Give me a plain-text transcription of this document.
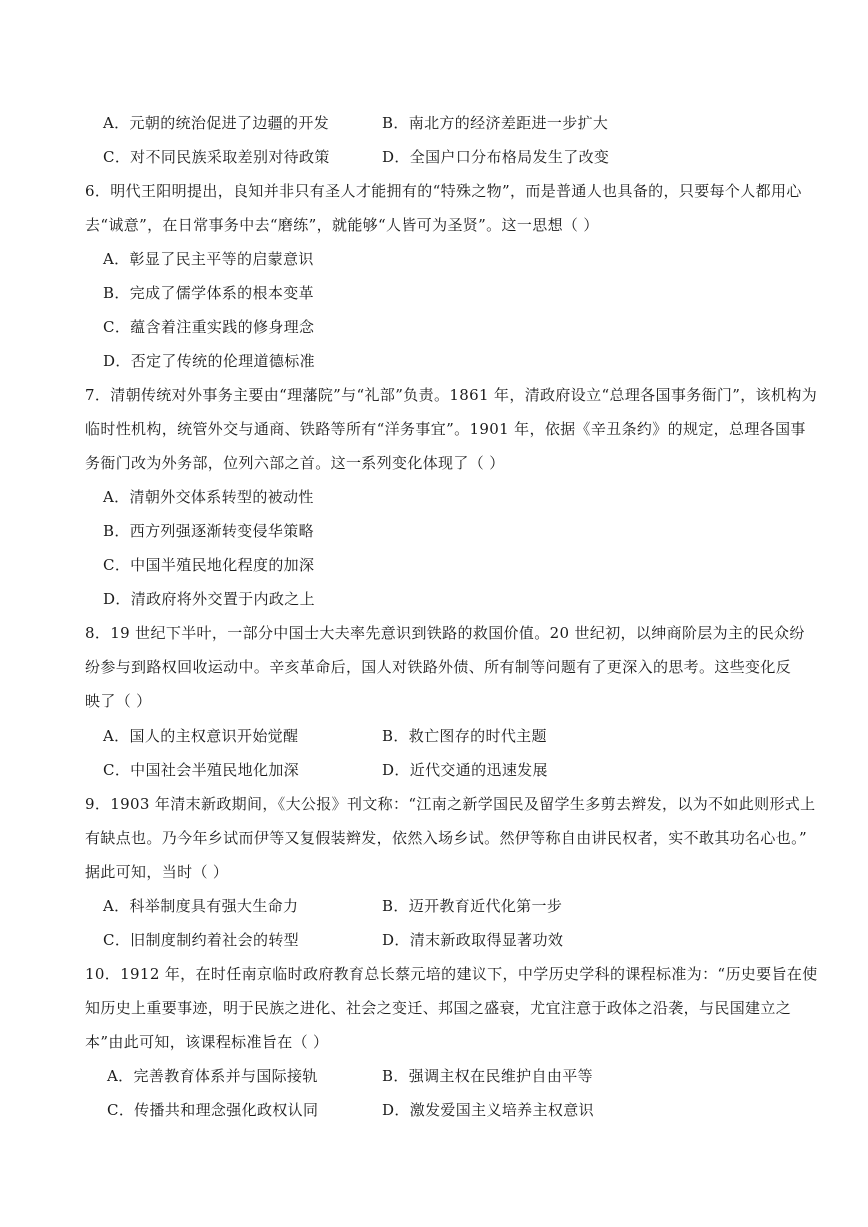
A．元朝的统治促进了边疆的开发	B．南北方的经济差距进一步扩大
C．对不同民族采取差别对待政策	D．全国户口分布格局发生了改变
6．明代王阳明提出，良知并非只有圣人才能拥有的“特殊之物”，而是普通人也具备的，只要每个人都用心
去“诚意”，在日常事务中去“磨练”，就能够“人皆可为圣贤”。这一思想（ ）
A．彰显了民主平等的启蒙意识
B．完成了儒学体系的根本变革
C．蕴含着注重实践的修身理念
D．否定了传统的伦理道德标准
7．清朝传统对外事务主要由“理藩院”与“礼部”负责。1861 年，清政府设立“总理各国事务衙门”，该机构为
临时性机构，统管外交与通商、铁路等所有“洋务事宜”。1901 年，依据《辛丑条约》的规定，总理各国事
务衙门改为外务部，位列六部之首。这一系列变化体现了（ ）
A．清朝外交体系转型的被动性
B．西方列强逐渐转变侵华策略
C．中国半殖民地化程度的加深
D．清政府将外交置于内政之上
8．19 世纪下半叶，一部分中国士大夫率先意识到铁路的救国价值。20 世纪初，以绅商阶层为主的民众纷
纷参与到路权回收运动中。辛亥革命后，国人对铁路外债、所有制等问题有了更深入的思考。这些变化反
映了（ ）
A．国人的主权意识开始觉醒	B．救亡图存的时代主题
C．中国社会半殖民地化加深	D．近代交通的迅速发展
9．1903 年清末新政期间，《大公报》刊文称：“江南之新学国民及留学生多剪去辫发，以为不如此则形式上
有缺点也。乃今年乡试而伊等又复假装辫发，依然入场乡试。然伊等称自由讲民权者，实不敢其功名心也。”
据此可知，当时（ ）
A．科举制度具有强大生命力	B．迈开教育近代化第一步
C．旧制度制约着社会的转型	D．清末新政取得显著功效
10．1912 年，在时任南京临时政府教育总长蔡元培的建议下，中学历史学科的课程标准为：“历史要旨在使
知历史上重要事迹，明于民族之进化、社会之变迁、邦国之盛衰，尤宜注意于政体之沿袭，与民国建立之
本”由此可知，该课程标准旨在（ ）
A．完善教育体系并与国际接轨	B．强调主权在民维护自由平等
C．传播共和理念强化政权认同	D．激发爱国主义培养主权意识
